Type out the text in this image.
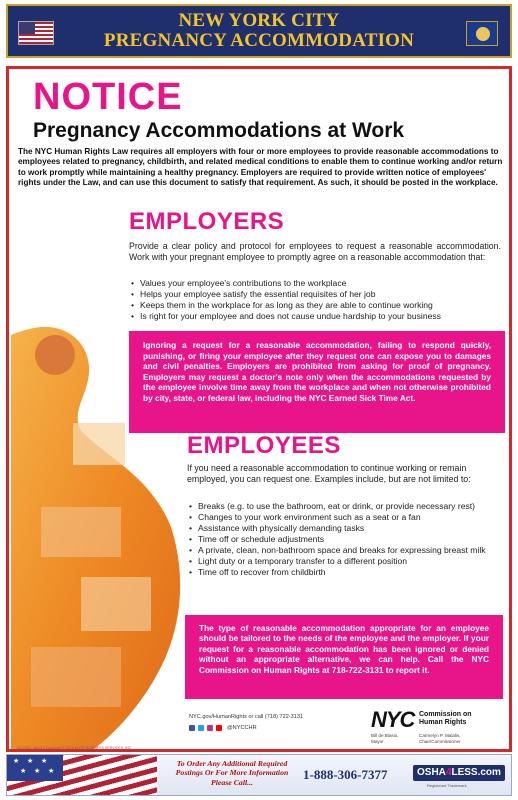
NEW YORK CITY
PREGNANCY ACCOMMODATION
NOTICE
Pregnancy Accommodations at Work
The NYC Human Rights Law requires all employers with four or more employees to provide reasonable accommodations to employees related to pregnancy, childbirth, and related medical conditions to enable them to continue working and/or return to work promptly while maintaining a healthy pregnancy. Employers are required to provide written notice of employees' rights under the Law, and can use this document to satisfy that requirement. As such, it should be posted in the workplace.
EMPLOYERS
Provide a clear policy and protocol for employees to request a reasonable accommodation. Work with your pregnant employee to promptly agree on a reasonable accommodation that:
• Values your employee's contributions to the workplace
• Helps your employee satisfy the essential requisites of her job
• Keeps them in the workplace for as long as they are able to continue working
• Is right for your employee and does not cause undue hardship to your business
Ignoring a request for a reasonable accommodation, failing to respond quickly, punishing, or firing your employee after they request one can expose you to damages and civil penalties. Employers are prohibited from asking for proof of pregnancy. Employers may request a doctor's note only when the accommodations requested by the employee involve time away from the workplace and when not otherwise prohibited by city, state, or federal law, including the NYC Earned Sick Time Act.
EMPLOYEES
If you need a reasonable accommodation to continue working or remain employed, you can request one. Examples include, but are not limited to:
• Breaks (e.g. to use the bathroom, eat or drink, or provide necessary rest)
• Changes to your work environment such as a seat or a fan
• Assistance with physically demanding tasks
• Time off or schedule adjustments
• A private, clean, non-bathroom space and breaks for expressing breast milk
• Light duty or a temporary transfer to a different position
• Time off to recover from childbirth
The type of reasonable accommodation appropriate for an employee should be tailored to the needs of the employee and the employer. If your request for a reasonable accommodation has been ignored or denied without an appropriate alternative, we can help. Call the NYC Commission on Human Rights at 718-722-3131 to report it.
NYC.gov/HumanRights or call (718) 722-3131
@NYCCHR	NYC
Bill de Blasio,
Mayor
Commission on
Human Rights
Carmelyn P. Malalis,
Chair/Commissioner
NYCPAC 061019 Copyright © 2019 ELITE BUSINESS SERVICES, INC
★ ★ ★
★ ★ ★
To Order Any Additional Required
Postings Or For More Information
Please Call...
1-888-306-7377	OSHA4LESS.com
Registered Trademark
